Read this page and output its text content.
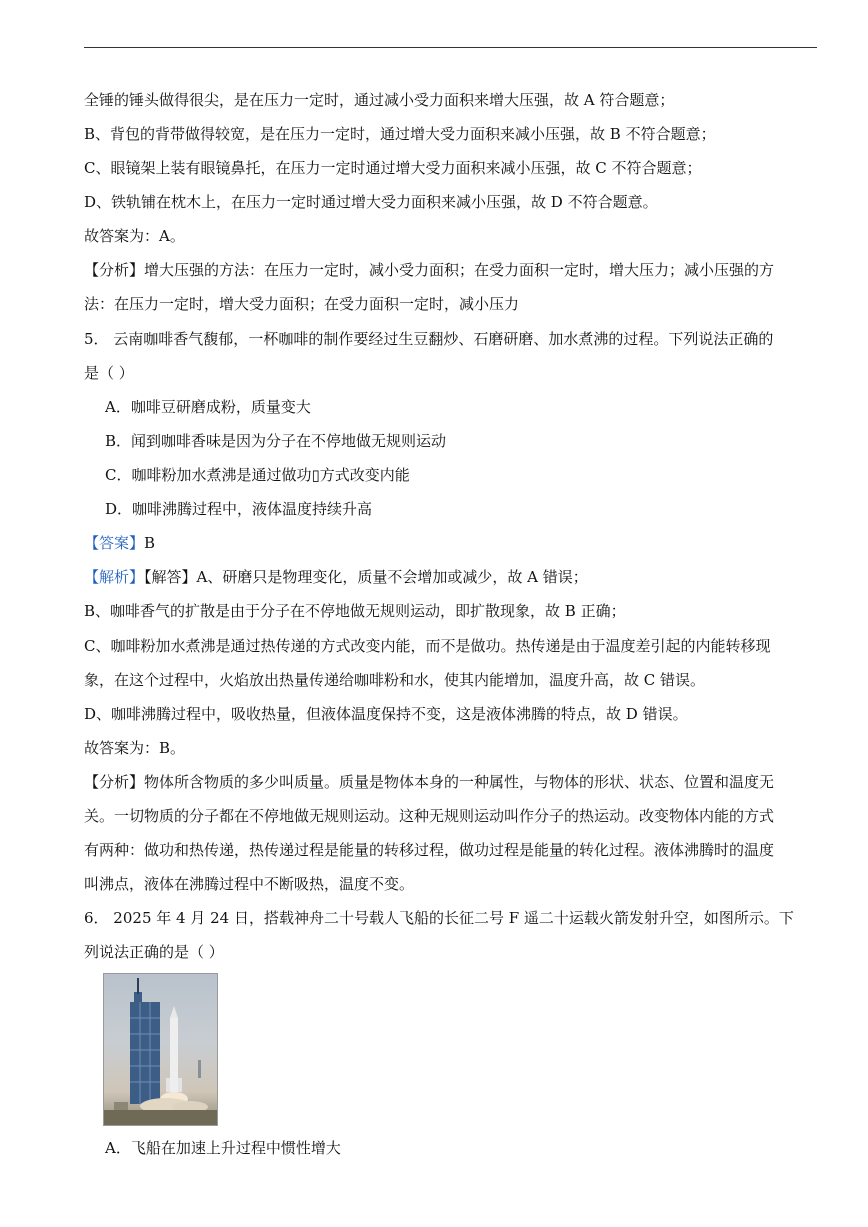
全锤的锤头做得很尖，是在压力一定时，通过减小受力面积来增大压强，故 A 符合题意；
B、背包的背带做得较宽，是在压力一定时，通过增大受力面积来减小压强，故 B 不符合题意；
C、眼镜架上装有眼镜鼻托，在压力一定时通过增大受力面积来减小压强，故 C 不符合题意；
D、铁轨铺在枕木上，在压力一定时通过增大受力面积来减小压强，故 D 不符合题意。
故答案为：A。
【分析】增大压强的方法：在压力一定时，减小受力面积；在受力面积一定时，增大压力；减小压强的方
法：在压力一定时，增大受力面积；在受力面积一定时，减小压力
5． 云南咖啡香气馥郁，一杯咖啡的制作要经过生豆翻炒、石磨研磨、加水煮沸的过程。下列说法正确的
是（ ）
A．咖啡豆研磨成粉，质量变大
B．闻到咖啡香味是因为分子在不停地做无规则运动
C．咖啡粉加水煮沸是通过做功▯方式改变内能
D．咖啡沸腾过程中，液体温度持续升高
【答案】B
【解析】【解答】A、研磨只是物理变化，质量不会增加或减少，故 A 错误；
B、咖啡香气的扩散是由于分子在不停地做无规则运动，即扩散现象，故 B 正确；
C、咖啡粉加水煮沸是通过热传递的方式改变内能，而不是做功。热传递是由于温度差引起的内能转移现
象，在这个过程中，火焰放出热量传递给咖啡粉和水，使其内能增加，温度升高，故 C 错误。
D、咖啡沸腾过程中，吸收热量，但液体温度保持不变，这是液体沸腾的特点，故 D 错误。
故答案为：B。
【分析】物体所含物质的多少叫质量。质量是物体本身的一种属性，与物体的形状、状态、位置和温度无
关。一切物质的分子都在不停地做无规则运动。这种无规则运动叫作分子的热运动。改变物体内能的方式
有两种：做功和热传递，热传递过程是能量的转移过程，做功过程是能量的转化过程。液体沸腾时的温度
叫沸点，液体在沸腾过程中不断吸热，温度不变。
6． 2025 年 4 月 24 日，搭载神舟二十号载人飞船的长征二号 F 遥二十运载火箭发射升空，如图所示。下
列说法正确的是（ ）
A．飞船在加速上升过程中惯性增大
